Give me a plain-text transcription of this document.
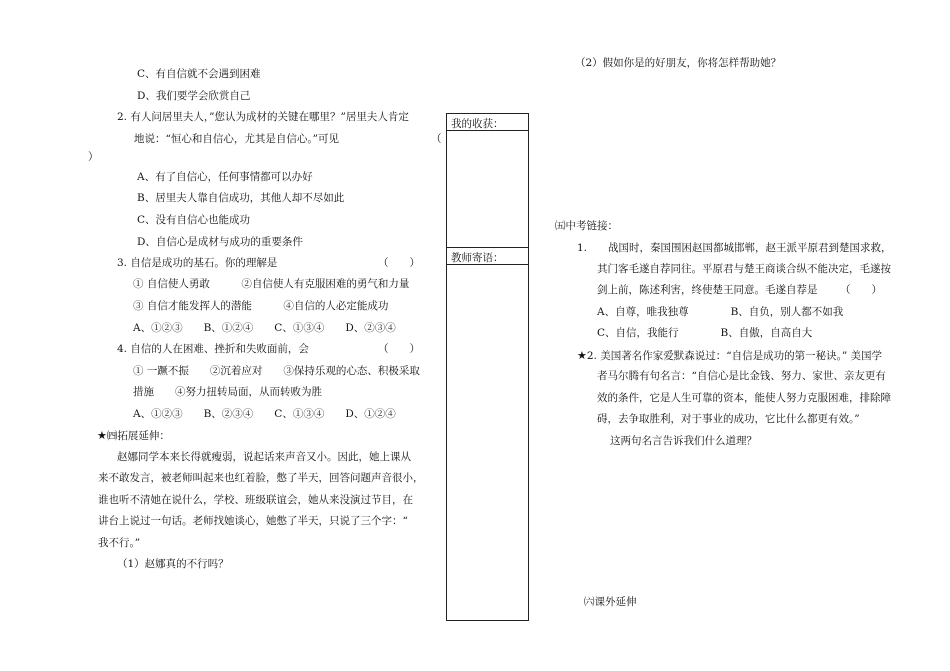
C、有自信就不会遇到困难
D、我们要学会欣赏自己
2. 有人问居里夫人，”您认为成材的关键在哪里？”居里夫人肯定
地说：“恒心和自信心，尤其是自信心。”可见	（
）
A、有了自信心，任何事情都可以办好
B、居里夫人靠自信成功，其他人却不尽如此
C、没有自信心也能成功
D、自信心是成材与成功的重要条件
3. 自信是成功的基石。你的理解是	（　　）
① 自信使人勇敢　　　②自信使人有克服困难的勇气和力量
③ 自信才能发挥人的潜能　　　④自信的人必定能成功
A、①②③　　B、①②④　　C、①③④　　D、②③④
4. 自信的人在困难、挫折和失败面前，会	（　　）
① 一蹶不振　　②沉着应对　　③保持乐观的心态、积极采取
措施　　④努力扭转局面，从而转败为胜
A、①②③　　B、②③④　　C、①③④　　D、①②④
★㈣拓展延伸：
赵娜同学本来长得就瘦弱，说起话来声音又小。因此，她上课从
来不敢发言，被老师叫起来也红着脸，憋了半天，回答问题声音很小，
谁也听不清她在说什么，学校、班级联谊会，她从来没演过节目，在
讲台上说过一句话。老师找她谈心，她憋了半天，只说了三个字：“
我不行。”
（1）赵娜真的不行吗？
我的收获：
教师寄语：
（2）假如你是的好朋友，你将怎样帮助她？
㈤中考链接：
1.　　战国时，秦国围困赵国都城邯郸，赵王派平原君到楚国求救，
其门客毛遂自荐同往。平原君与楚王商谈合纵不能决定，毛遂按
剑上前，陈述利害，终使楚王同意。毛遂自荐是 （　　）
A、自尊，唯我独尊　　　　B、自负，别人都不如我
C、自信，我能行　　　　B、自傲，自高自大
★2. 美国著名作家爱默森说过：“自信是成功的第一秘诀。” 美国学
者马尔腾有句名言：“自信心是比金钱、努力、家世、亲友更有
效的条件，它是人生可靠的资本，能使人努力克服困难，排除障
碍，去争取胜利，对于事业的成功，它比什么都更有效。”
这两句名言告诉我们什么道理？
㈥课外延伸
